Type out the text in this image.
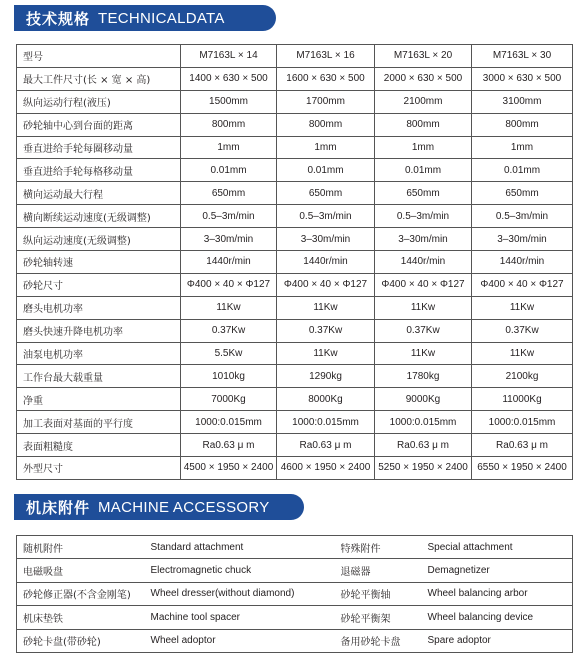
技术规格 TECHNICALDATA
型号	M7163L × 14	M7163L × 16	M7163L × 20	M7163L × 30
最大工件尺寸(长 × 宽 × 高)	1400 × 630 × 500	1600 × 630 × 500	2000 × 630 × 500	3000 × 630 × 500
纵向运动行程(液压)	1500mm	1700mm	2100mm	3100mm
砂轮轴中心到台面的距离	800mm	800mm	800mm	800mm
垂直进给手轮每圈移动量	1mm	1mm	1mm	1mm
垂直进给手轮每格移动量	0.01mm	0.01mm	0.01mm	0.01mm
横向运动最大行程	650mm	650mm	650mm	650mm
横向断续运动速度(无级调整)	0.5–3m/min	0.5–3m/min	0.5–3m/min	0.5–3m/min
纵向运动速度(无级调整)	3–30m/min	3–30m/min	3–30m/min	3–30m/min
砂轮轴转速	1440r/min	1440r/min	1440r/min	1440r/min
砂轮尺寸	Φ400 × 40 × Φ127	Φ400 × 40 × Φ127	Φ400 × 40 × Φ127	Φ400 × 40 × Φ127
磨头电机功率	11Kw	11Kw	11Kw	11Kw
磨头快速升降电机功率	0.37Kw	0.37Kw	0.37Kw	0.37Kw
油泵电机功率	5.5Kw	11Kw	11Kw	11Kw
工作台最大载重量	1010kg	1290kg	1780kg	2100kg
净重	7000Kg	8000Kg	9000Kg	11000Kg
加工表面对基面的平行度	1000:0.015mm	1000:0.015mm	1000:0.015mm	1000:0.015mm
表面粗糙度	Ra0.63 μ m	Ra0.63 μ m	Ra0.63 μ m	Ra0.63 μ m
外型尺寸	4500 × 1950 × 2400	4600 × 1950 × 2400	5250 × 1950 × 2400	6550 × 1950 × 2400
机床附件 MACHINE ACCESSORY
随机附件	Standard attachment	特殊附件	Special attachment
电磁吸盘	Electromagnetic chuck	退磁器	Demagnetizer
砂轮修正器(不含金刚笔)	Wheel dresser(without diamond)	砂轮平衡轴	Wheel balancing arbor
机床垫铁	Machine tool spacer	砂轮平衡架	Wheel balancing device
砂轮卡盘(带砂轮)	Wheel adoptor	备用砂轮卡盘	Spare adoptor
